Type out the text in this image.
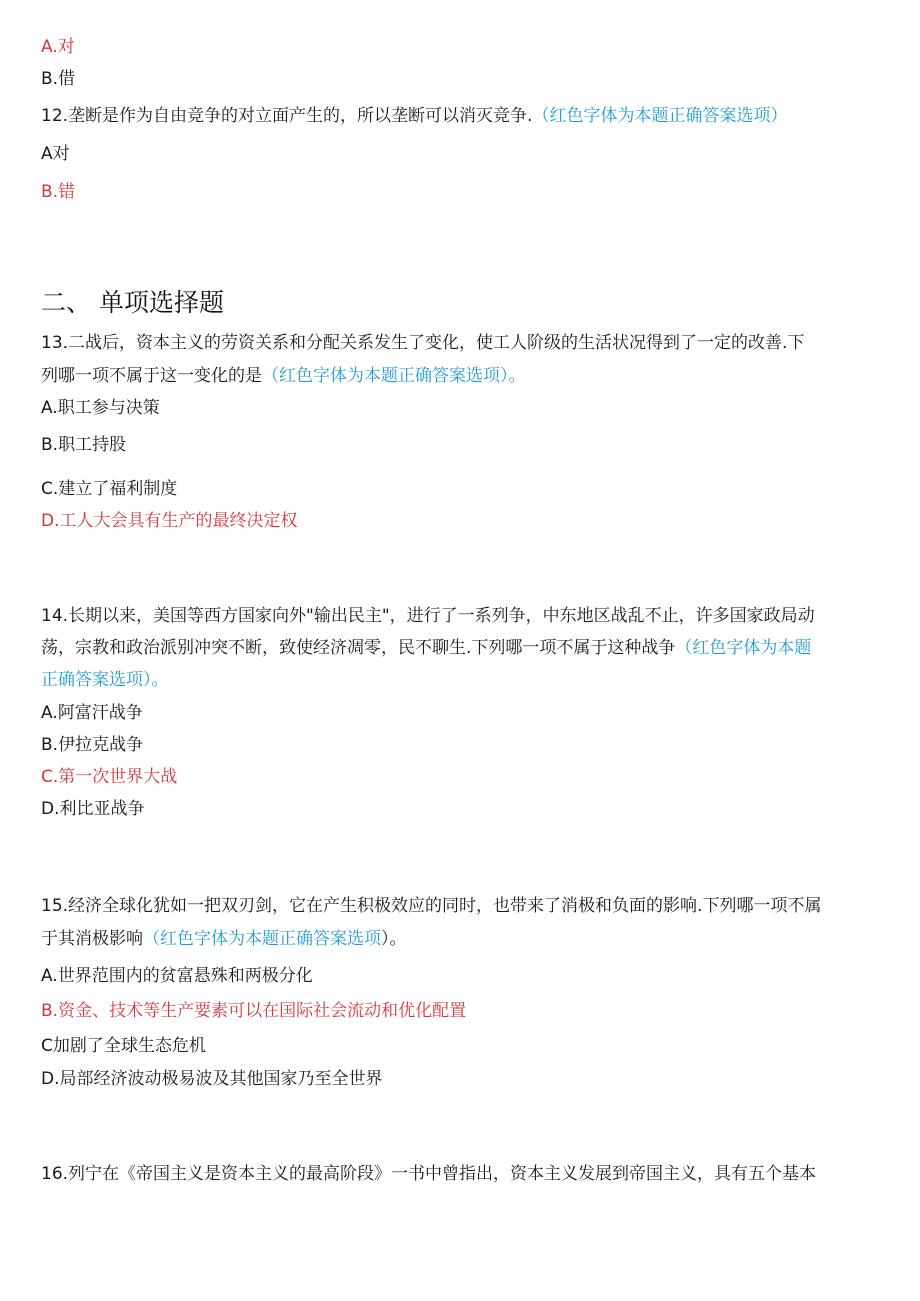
A.对
B.借
12.垄断是作为自由竞争的对立面产生的，所以垄断可以消灭竞争.（红色字体为本题正确答案选项）
A对
B.错
二、 单项选择题
13.二战后，资本主义的劳资关系和分配关系发生了变化，使工人阶级的生活状况得到了一定的改善.下
列哪一项不属于这一变化的是（红色字体为本题正确答案选项）。
A.职工参与决策
B.职工持股
C.建立了福利制度
D.工人大会具有生产的最终决定权
14.长期以来，美国等西方国家向外"输出民主"，进行了一系列争，中东地区战乱不止，许多国家政局动
荡，宗教和政治派别冲突不断，致使经济凋零，民不聊生.下列哪一项不属于这种战争（红色字体为本题
正确答案选项）。
A.阿富汗战争
B.伊拉克战争
C.第一次世界大战
D.利比亚战争
15.经济全球化犹如一把双刃剑，它在产生积极效应的同时，也带来了消极和负面的影响.下列哪一项不属
于其消极影响（红色字体为本题正确答案选项）。
A.世界范围内的贫富悬殊和两极分化
B.资金、技术等生产要素可以在国际社会流动和优化配置
C加剧了全球生态危机
D.局部经济波动极易波及其他国家乃至全世界
16.列宁在《帝国主义是资本主义的最高阶段》一书中曾指出，资本主义发展到帝国主义，具有五个基本
